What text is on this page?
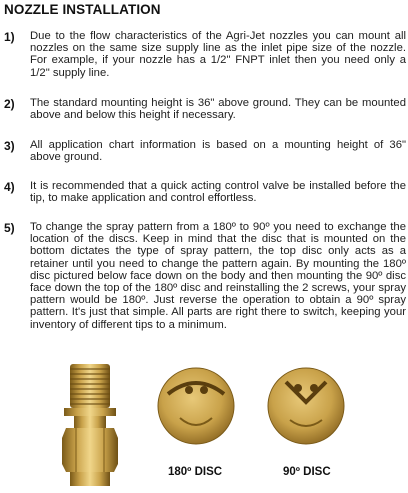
NOZZLE INSTALLATION
1)	Due to the flow characteristics of the Agri-Jet nozzles you can mount all nozzles on the same size supply line as the inlet pipe size of the nozzle. For example, if your nozzle has a 1/2" FNPT inlet then you need only a 1/2" supply line.
2)	The standard mounting height is 36" above ground. They can be mounted above and below this height if necessary.
3)	All application chart information is based on a mounting height of 36" above ground.
4)	It is recommended that a quick acting control valve be installed before the tip, to make application and control effortless.
5)	To change the spray pattern from a 180º to 90º you need to exchange the location of the discs. Keep in mind that the disc that is mounted on the bottom dictates the type of spray pattern, the top disc only acts as a retainer until you need to change the pattern again. By mounting the 180º disc pictured below face down on the body and then mounting the 90º disc face down the top of the 180º disc and reinstalling the 2 screws, your spray pattern would be 180º. Just reverse the operation to obtain a 90º spray pattern. It's just that simple. All parts are right there to switch, keeping your inventory of different tips to a minimum.
180º DISC	90º DISC
